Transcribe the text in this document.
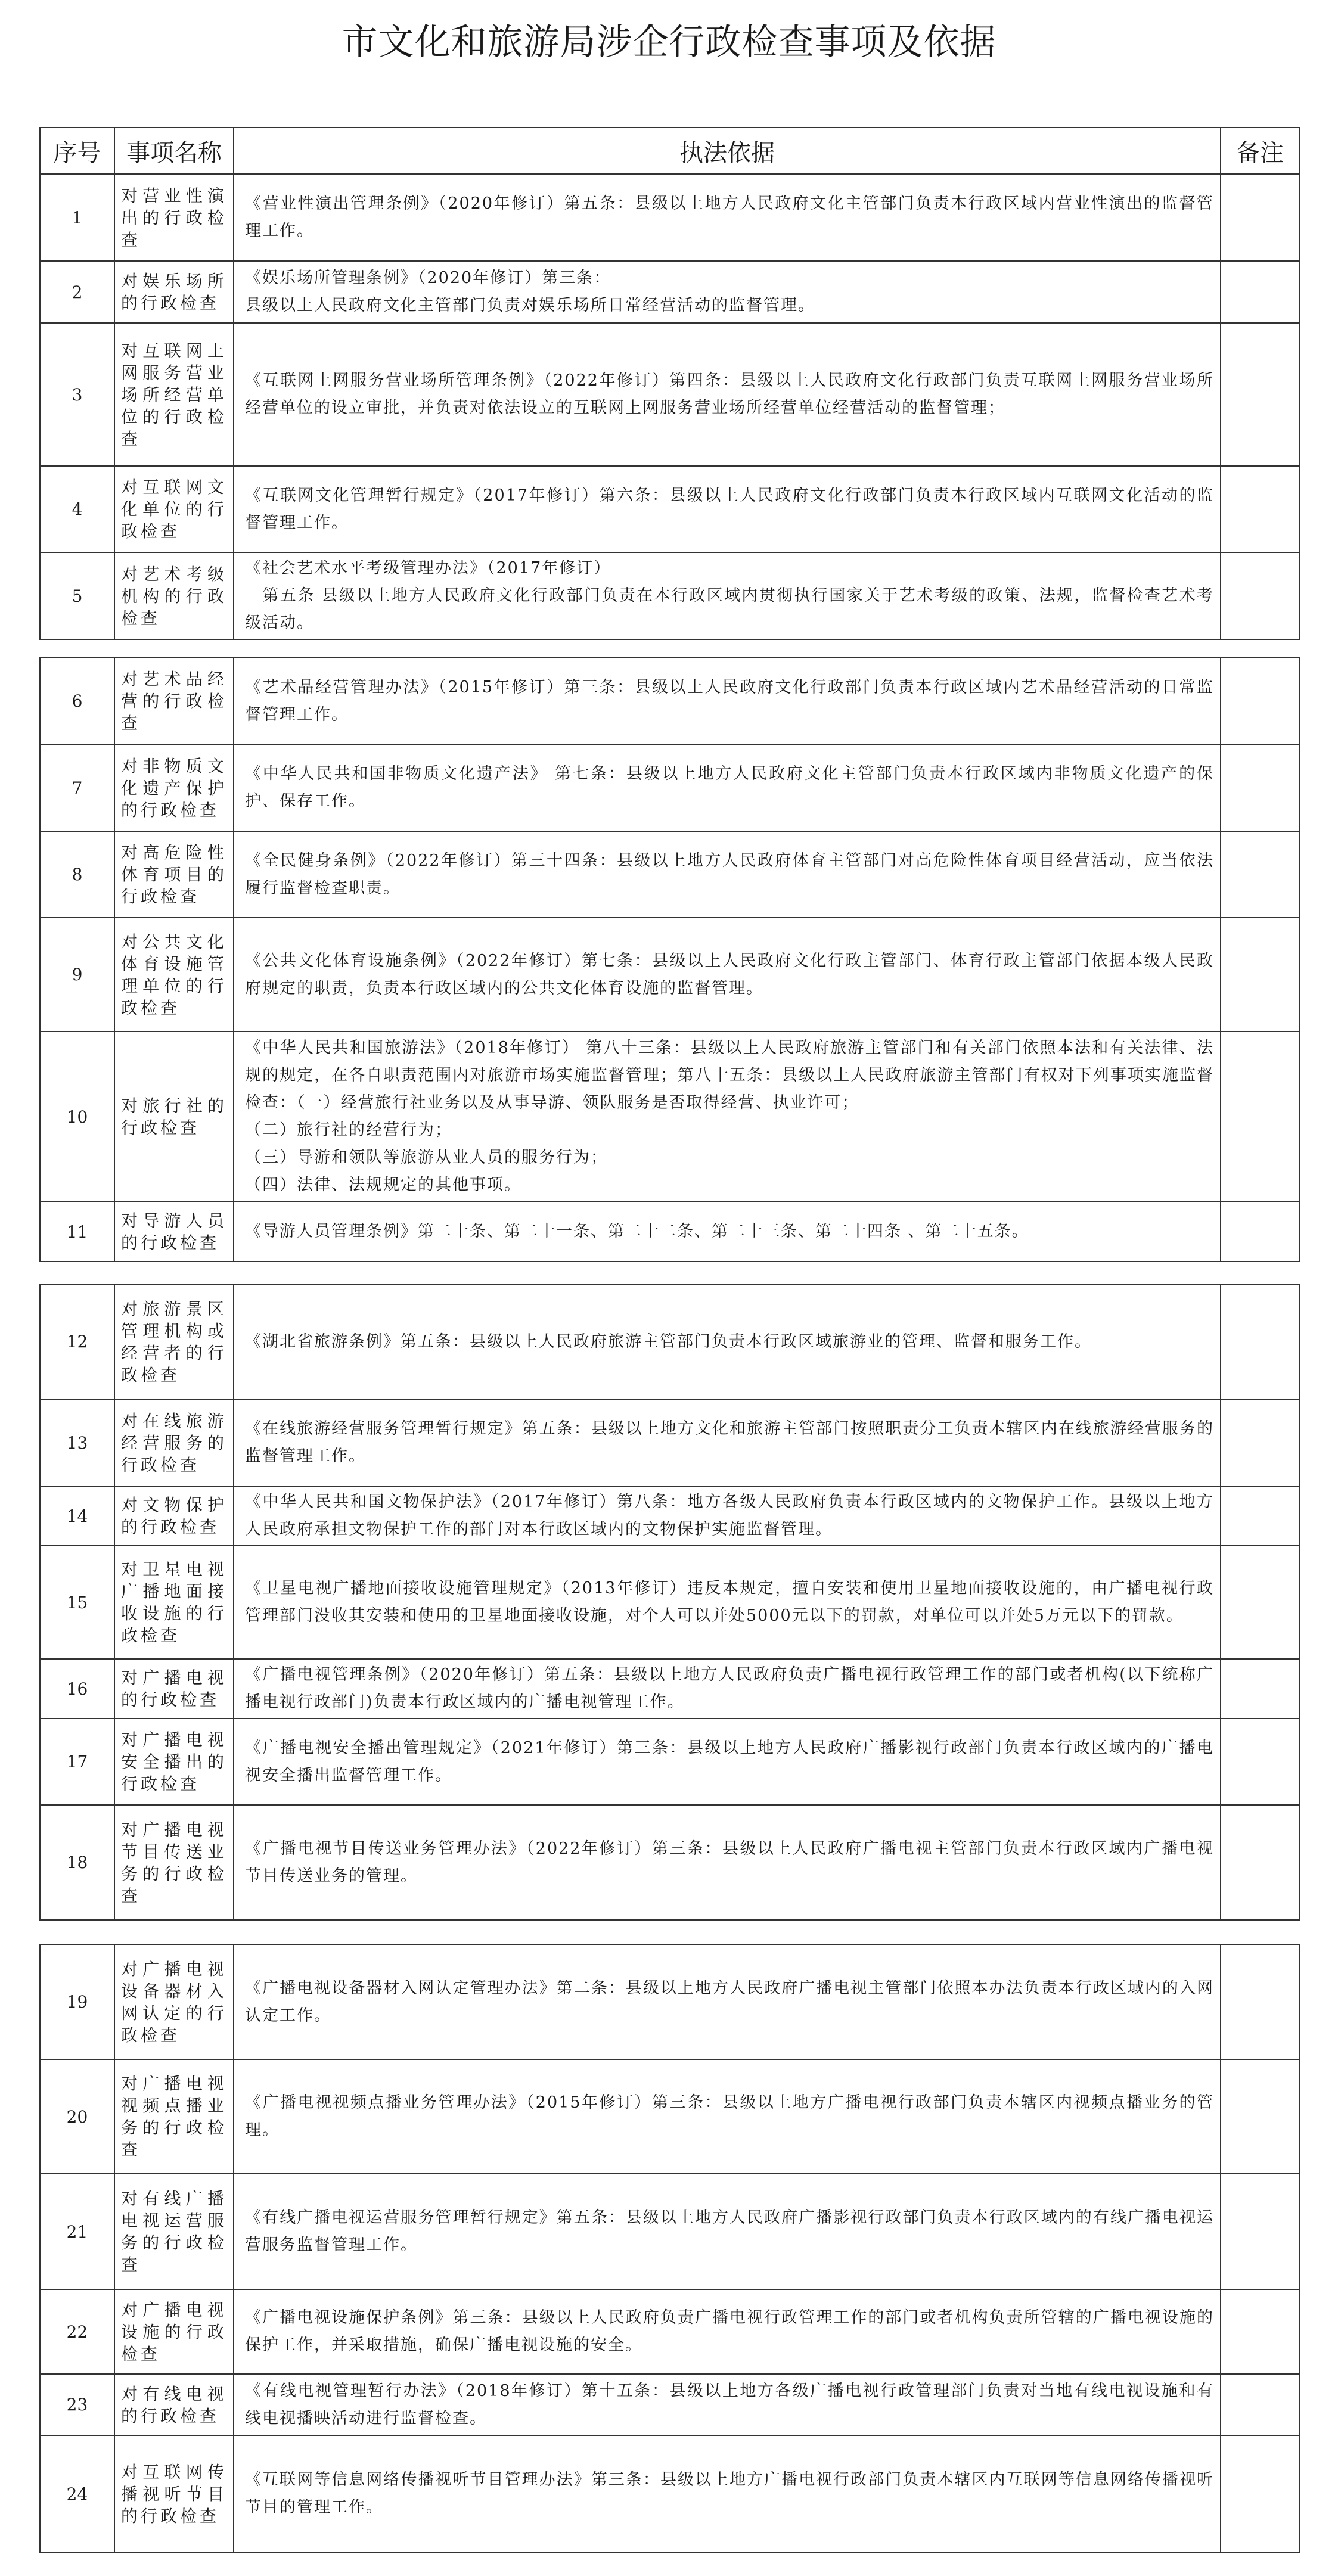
市文化和旅游局涉企行政检查事项及依据
序号	事项名称	执法依据	备注
1	对营业性演出的行政检查	《营业性演出管理条例》（2020年修订）第五条：县级以上地方人民政府文化主管部门负责本行政区域内营业性演出的监督管理工作。	

2	对娱乐场所的行政检查	《娱乐场所管理条例》（2020年修订）第三条：
县级以上人民政府文化主管部门负责对娱乐场所日常经营活动的监督管理。	

3	对互联网上网服务营业场所经营单位的行政检查	《互联网上网服务营业场所管理条例》（2022年修订）第四条：县级以上人民政府文化行政部门负责互联网上网服务营业场所经营单位的设立审批，并负责对依法设立的互联网上网服务营业场所经营单位经营活动的监督管理；	

4	对互联网文化单位的行政检查	《互联网文化管理暂行规定》（2017年修订）第六条：县级以上人民政府文化行政部门负责本行政区域内互联网文化活动的监督管理工作。	

5	对艺术考级机构的行政检查	《社会艺术水平考级管理办法》（2017年修订）
　第五条 县级以上地方人民政府文化行政部门负责在本行政区域内贯彻执行国家关于艺术考级的政策、法规，监督检查艺术考级活动。	

6	对艺术品经营的行政检查	《艺术品经营管理办法》（2015年修订）第三条：县级以上人民政府文化行政部门负责本行政区域内艺术品经营活动的日常监督管理工作。	

7	对非物质文化遗产保护的行政检查	《中华人民共和国非物质文化遗产法》 第七条：县级以上地方人民政府文化主管部门负责本行政区域内非物质文化遗产的保护、保存工作。	

8	对高危险性体育项目的行政检查	《全民健身条例》（2022年修订）第三十四条：县级以上地方人民政府体育主管部门对高危险性体育项目经营活动，应当依法履行监督检查职责。	

9	对公共文化体育设施管理单位的行政检查	《公共文化体育设施条例》（2022年修订）第七条：县级以上人民政府文化行政主管部门、体育行政主管部门依据本级人民政府规定的职责，负责本行政区域内的公共文化体育设施的监督管理。	

10	对旅行社的行政检查	《中华人民共和国旅游法》（2018年修订） 第八十三条：县级以上人民政府旅游主管部门和有关部门依照本法和有关法律、法规的规定，在各自职责范围内对旅游市场实施监督管理；第八十五条：县级以上人民政府旅游主管部门有权对下列事项实施监督检查：（一）经营旅行社业务以及从事导游、领队服务是否取得经营、执业许可；
（二）旅行社的经营行为；
（三）导游和领队等旅游从业人员的服务行为；
（四）法律、法规规定的其他事项。	

11	对导游人员的行政检查	《导游人员管理条例》第二十条、第二十一条、第二十二条、第二十三条、第二十四条 、第二十五条。	

12	对旅游景区管理机构或经营者的行政检查	《湖北省旅游条例》第五条：县级以上人民政府旅游主管部门负责本行政区域旅游业的管理、监督和服务工作。	

13	对在线旅游经营服务的行政检查	《在线旅游经营服务管理暂行规定》第五条：县级以上地方文化和旅游主管部门按照职责分工负责本辖区内在线旅游经营服务的监督管理工作。	

14	对文物保护的行政检查	《中华人民共和国文物保护法》（2017年修订）第八条：地方各级人民政府负责本行政区域内的文物保护工作。县级以上地方人民政府承担文物保护工作的部门对本行政区域内的文物保护实施监督管理。	

15	对卫星电视广播地面接收设施的行政检查	《卫星电视广播地面接收设施管理规定》（2013年修订）违反本规定，擅自安装和使用卫星地面接收设施的，由广播电视行政管理部门没收其安装和使用的卫星地面接收设施，对个人可以并处5000元以下的罚款，对单位可以并处5万元以下的罚款。	

16	对广播电视的行政检查	《广播电视管理条例》（2020年修订）第五条：县级以上地方人民政府负责广播电视行政管理工作的部门或者机构(以下统称广播电视行政部门)负责本行政区域内的广播电视管理工作。	

17	对广播电视安全播出的行政检查	《广播电视安全播出管理规定》（2021年修订）第三条：县级以上地方人民政府广播影视行政部门负责本行政区域内的广播电视安全播出监督管理工作。	

18	对广播电视节目传送业务的行政检查	《广播电视节目传送业务管理办法》（2022年修订）第三条：县级以上人民政府广播电视主管部门负责本行政区域内广播电视节目传送业务的管理。	

19	对广播电视设备器材入网认定的行政检查	《广播电视设备器材入网认定管理办法》第二条：县级以上地方人民政府广播电视主管部门依照本办法负责本行政区域内的入网认定工作。	

20	对广播电视视频点播业务的行政检查	《广播电视视频点播业务管理办法》（2015年修订）第三条：县级以上地方广播电视行政部门负责本辖区内视频点播业务的管理。	

21	对有线广播电视运营服务的行政检查	《有线广播电视运营服务管理暂行规定》第五条：县级以上地方人民政府广播影视行政部门负责本行政区域内的有线广播电视运营服务监督管理工作。	

22	对广播电视设施的行政检查	《广播电视设施保护条例》第三条：县级以上人民政府负责广播电视行政管理工作的部门或者机构负责所管辖的广播电视设施的保护工作，并采取措施，确保广播电视设施的安全。	

23	对有线电视的行政检查	《有线电视管理暂行办法》（2018年修订）第十五条：县级以上地方各级广播电视行政管理部门负责对当地有线电视设施和有线电视播映活动进行监督检查。	

24	对互联网传播视听节目的行政检查	《互联网等信息网络传播视听节目管理办法》第三条：县级以上地方广播电视行政部门负责本辖区内互联网等信息网络传播视听节目的管理工作。	
